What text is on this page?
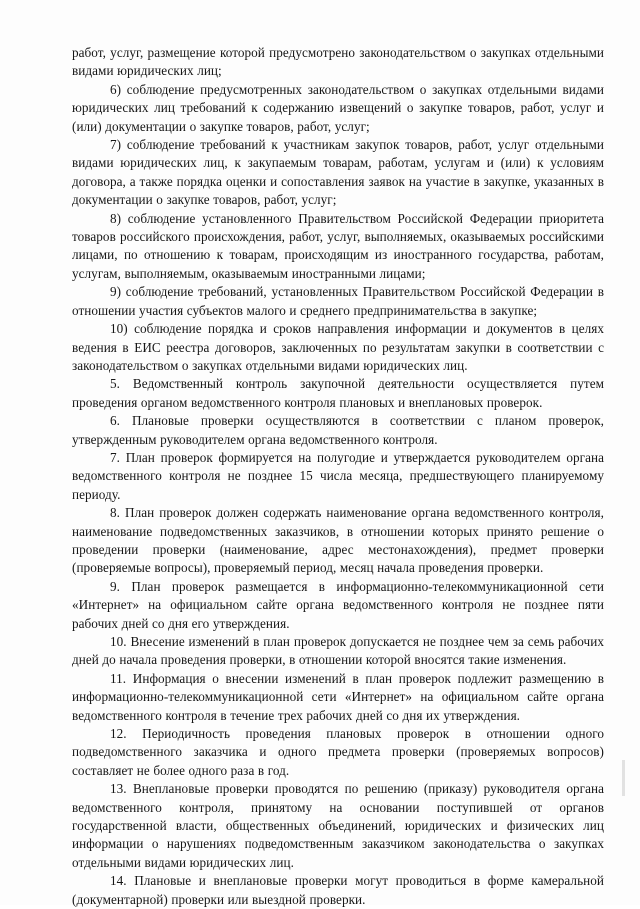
работ, услуг, размещение которой предусмотрено законодательством о закупках отдельными видами юридических лиц;

6) соблюдение предусмотренных законодательством о закупках отдельными видами юридических лиц требований к содержанию извещений о закупке товаров, работ, услуг и (или) документации о закупке товаров, работ, услуг;

7) соблюдение требований к участникам закупок товаров, работ, услуг отдельными видами юридических лиц, к закупаемым товарам, работам, услугам и (или) к условиям договора, а также порядка оценки и сопоставления заявок на участие в закупке, указанных в документации о закупке товаров, работ, услуг;

8) соблюдение установленного Правительством Российской Федерации приоритета товаров российского происхождения, работ, услуг, выполняемых, оказываемых российскими лицами, по отношению к товарам, происходящим из иностранного государства, работам, услугам, выполняемым, оказываемым иностранными лицами;

9) соблюдение требований, установленных Правительством Российской Федерации в отношении участия субъектов малого и среднего предпринимательства в закупке;

10) соблюдение порядка и сроков направления информации и документов в целях ведения в ЕИС реестра договоров, заключенных по результатам закупки в соответствии с законодательством о закупках отдельными видами юридических лиц.

5. Ведомственный контроль закупочной деятельности осуществляется путем проведения органом ведомственного контроля плановых и внеплановых проверок.

6. Плановые проверки осуществляются в соответствии с планом проверок, утвержденным руководителем органа ведомственного контроля.

7. План проверок формируется на полугодие и утверждается руководителем органа ведомственного контроля не позднее 15 числа месяца, предшествующего планируемому периоду.

8. План проверок должен содержать наименование органа ведомственного контроля, наименование подведомственных заказчиков, в отношении которых принято решение о проведении проверки (наименование, адрес местонахождения), предмет проверки (проверяемые вопросы), проверяемый период, месяц начала проведения проверки.

9. План проверок размещается в информационно-телекоммуникационной сети «Интернет» на официальном сайте органа ведомственного контроля не позднее пяти рабочих дней со дня его утверждения.

10. Внесение изменений в план проверок допускается не позднее чем за семь рабочих дней до начала проведения проверки, в отношении которой вносятся такие изменения.

11. Информация о внесении изменений в план проверок подлежит размещению в информационно-телекоммуникационной сети «Интернет» на официальном сайте органа ведомственного контроля в течение трех рабочих дней со дня их утверждения.

12. Периодичность проведения плановых проверок в отношении одного подведомственного заказчика и одного предмета проверки (проверяемых вопросов) составляет не более одного раза в год.

13. Внеплановые проверки проводятся по решению (приказу) руководителя органа ведомственного контроля, принятому на основании поступившей от органов государственной власти, общественных объединений, юридических и физических лиц информации о нарушениях подведомственным заказчиком законодательства о закупках отдельными видами юридических лиц.

14. Плановые и внеплановые проверки могут проводиться в форме камеральной (документарной) проверки или выездной проверки.
